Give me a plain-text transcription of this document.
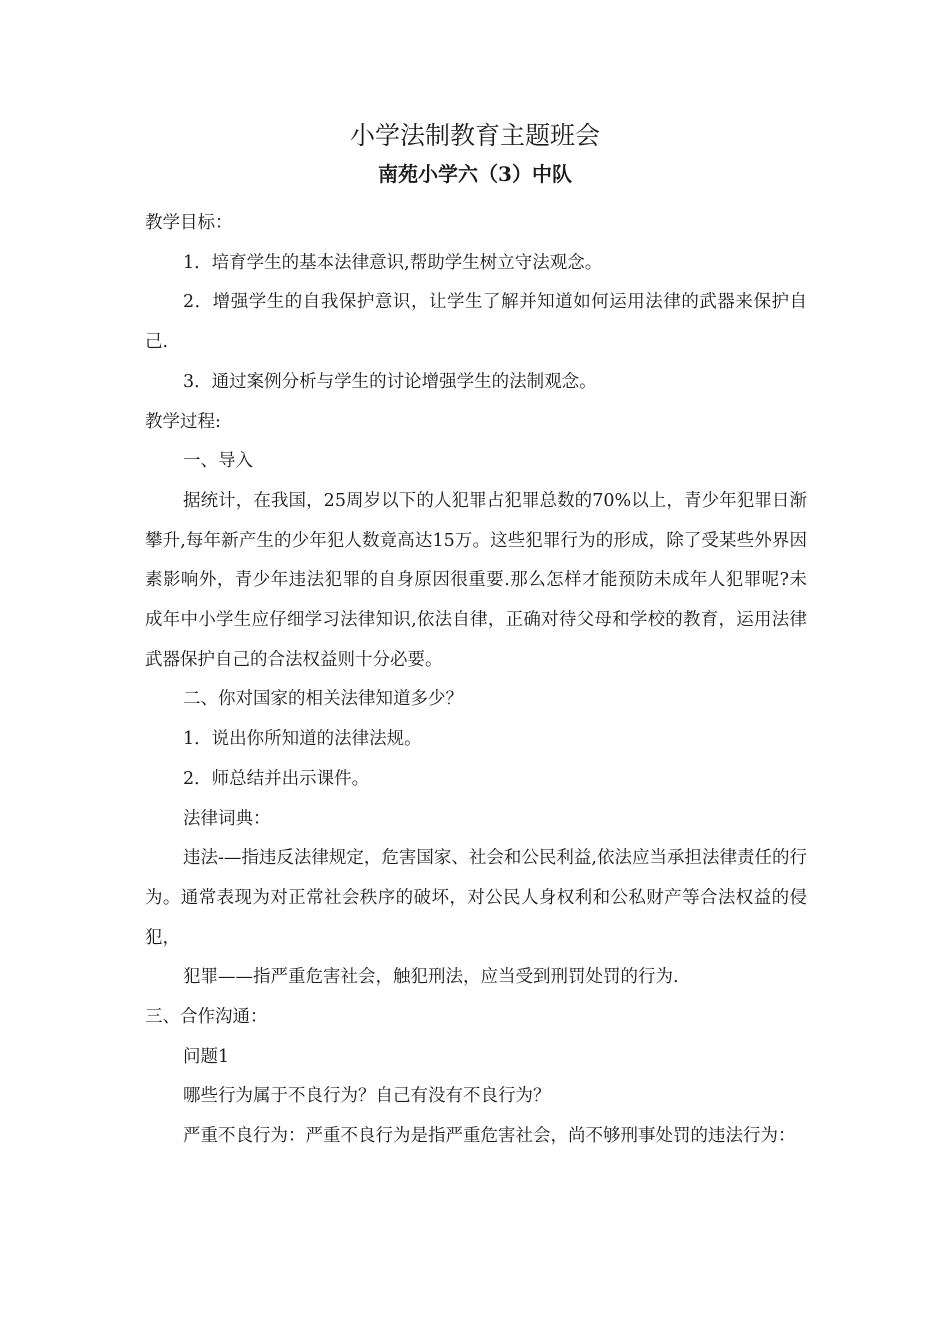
小学法制教育主题班会
南苑小学六（3）中队

教学目标：

1．培育学生的基本法律意识,帮助学生树立守法观念。

2．增强学生的自我保护意识，让学生了解并知道如何运用法律的武器来保护自己.

3．通过案例分析与学生的讨论增强学生的法制观念。

教学过程:

一、导入

据统计，在我国，25周岁以下的人犯罪占犯罪总数的70%以上，青少年犯罪日渐攀升,每年新产生的少年犯人数竟高达15万。这些犯罪行为的形成，除了受某些外界因素影响外，青少年违法犯罪的自身原因很重要.那么怎样才能预防未成年人犯罪呢?未成年中小学生应仔细学习法律知识,依法自律，正确对待父母和学校的教育，运用法律武器保护自己的合法权益则十分必要。

二、你对国家的相关法律知道多少？

1．说出你所知道的法律法规。

2．师总结并出示课件。

法律词典：

违法-—指违反法律规定，危害国家、社会和公民利益,依法应当承担法律责任的行为。通常表现为对正常社会秩序的破坏，对公民人身权利和公私财产等合法权益的侵犯，

犯罪——指严重危害社会，触犯刑法，应当受到刑罚处罚的行为.

三、合作沟通：

问题1

哪些行为属于不良行为？自己有没有不良行为？

严重不良行为：严重不良行为是指严重危害社会，尚不够刑事处罚的违法行为：
